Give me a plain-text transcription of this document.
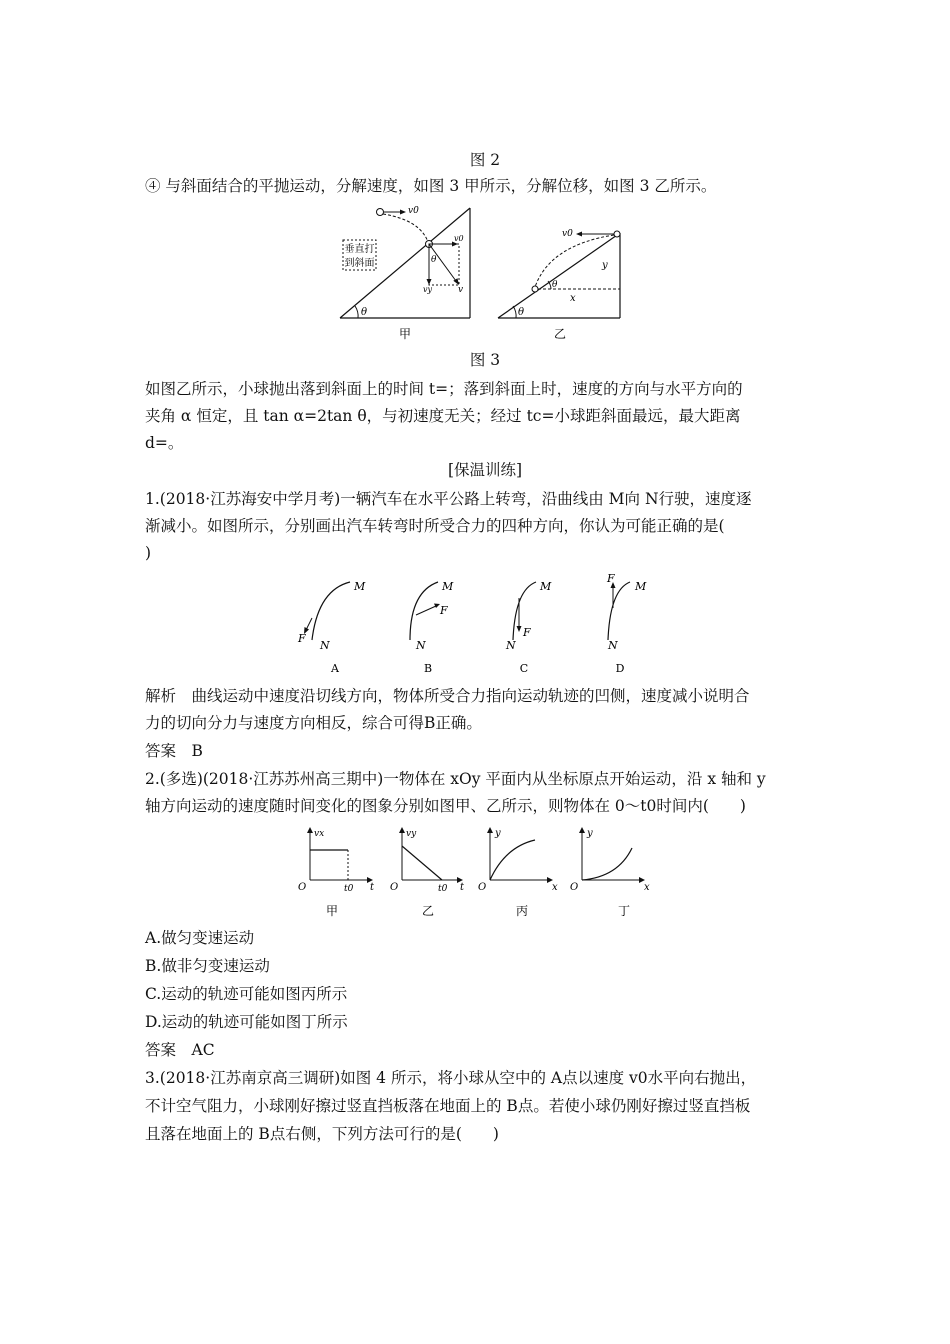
图 2
④ 与斜面结合的平抛运动，分解速度，如图 3 甲所示，分解位移，如图 3 乙所示。
θ
v0
垂直打
到斜面
v0
vy	v
θ
甲
θ
v0
θ
y
x
乙
图 3
如图乙所示，小球抛出落到斜面上的时间 t=；落到斜面上时，速度的方向与水平方向的
夹角 α 恒定，且 tan α=2tan θ，与初速度无关；经过 tc=小球距斜面最远，最大距离
d=。
[保温训练]
1.(2018·江苏海安中学月考)一辆汽车在水平公路上转弯，沿曲线由 M向 N行驶，速度逐
渐减小。如图所示，分别画出汽车转弯时所受合力的四种方向，你认为可能正确的是(
)
M
N
F
A
M
N
F
B
M
N
F
C
M
N
F
D
解析　曲线运动中速度沿切线方向，物体所受合力指向运动轨迹的凹侧，速度减小说明合
力的切向分力与速度方向相反，综合可得B正确。
答案　B
2.(多选)(2018·江苏苏州高三期中)一物体在 xOy 平面内从坐标原点开始运动，沿 x 轴和 y
轴方向运动的速度随时间变化的图象分别如图甲、乙所示，则物体在 0～t0时间内(　　)
vx
O	t0 t
甲
vy
O	t0 t
乙
y
O	x
丙
y
O	x
丁
A.做匀变速运动
B.做非匀变速运动
C.运动的轨迹可能如图丙所示
D.运动的轨迹可能如图丁所示
答案　AC
3.(2018·江苏南京高三调研)如图 4 所示，将小球从空中的 A点以速度 v0水平向右抛出，
不计空气阻力，小球刚好擦过竖直挡板落在地面上的 B点。若使小球仍刚好擦过竖直挡板
且落在地面上的 B点右侧，下列方法可行的是(　　)
